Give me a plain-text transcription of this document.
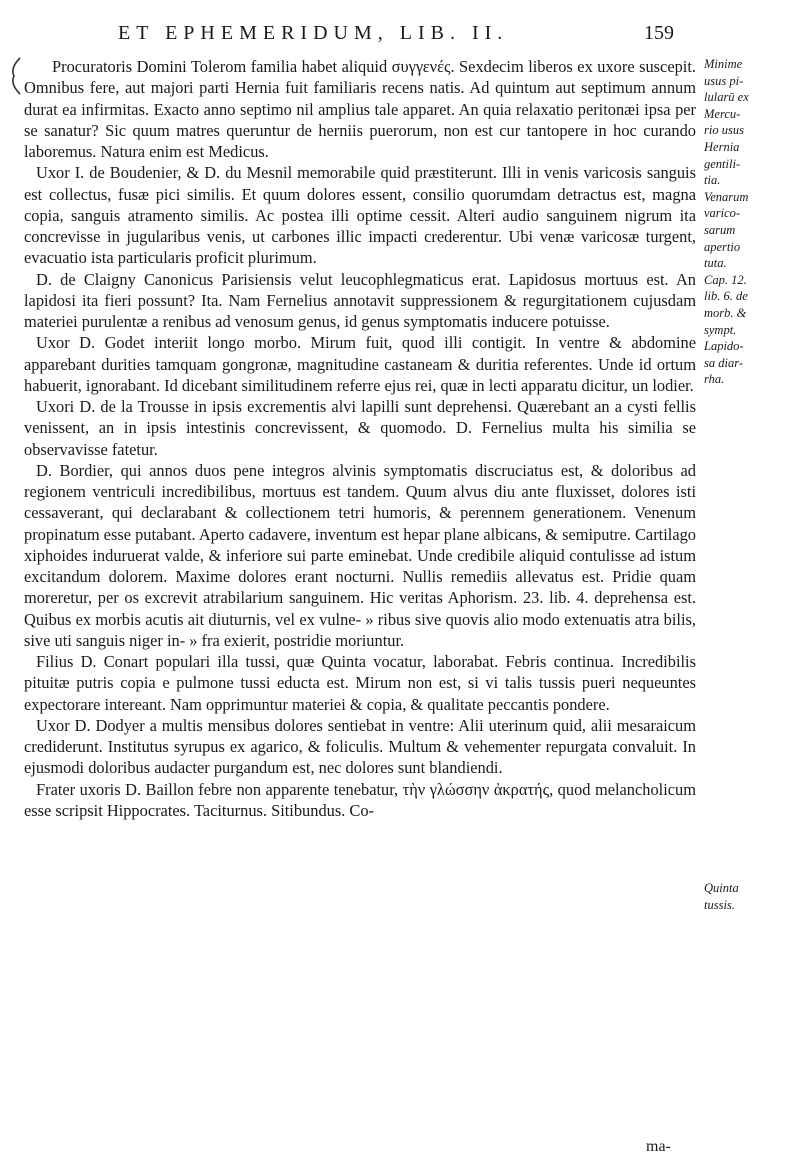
ET EPHEMERIDUM, LIB. II.	159

Procuratoris Domini Tolerom familia habet aliquid συγγενές. Sexdecim liberos ex uxore suscepit. Omnibus fere, aut majori parti Hernia fuit familiaris recens natis. Ad quintum aut septimum annum durat ea infirmitas. Exacto anno septimo nil amplius tale apparet. An quia relaxatio peritonæi ipsa per se sanatur? Sic quum matres queruntur de herniis puerorum, non est cur tantopere in hoc curando laboremus. Natura enim est Medicus.

Uxor I. de Boudenier, & D. du Mesnil memorabile quid præstiterunt. Illi in venis varicosis sanguis est collectus, fusæ pici similis. Et quum dolores essent, consilio quorumdam detractus est, magna copia, sanguis atramento similis. Ac postea illi optime cessit. Alteri audio sanguinem nigrum ita concrevisse in jugularibus venis, ut carbones illic impacti crederentur. Ubi venæ varicosæ turgent, evacuatio ista particularis proficit plurimum.

D. de Claigny Canonicus Parisiensis velut leucophlegmaticus erat. Lapidosus mortuus est. An lapidosi ita fieri possunt? Ita. Nam Fernelius annotavit suppressionem & regurgitationem cujusdam materiei purulentæ a renibus ad venosum genus, id genus symptomatis inducere potuisse.

Uxor D. Godet interiit longo morbo. Mirum fuit, quod illi contigit. In ventre & abdomine apparebant durities tamquam gongronæ, magnitudine castaneam & duritia referentes. Unde id ortum habuerit, ignorabant. Id dicebant similitudinem referre ejus rei, quæ in lecti apparatu dicitur, un lodier.

Uxori D. de la Trousse in ipsis excrementis alvi lapilli sunt deprehensi. Quærebant an a cysti fellis venissent, an in ipsis intestinis concrevissent, & quomodo. D. Fernelius multa his similia se observavisse fatetur.

D. Bordier, qui annos duos pene integros alvinis symptomatis discruciatus est, & doloribus ad regionem ventriculi incredibilibus, mortuus est tandem. Quum alvus diu ante fluxisset, dolores isti cessaverant, qui declarabant & collectionem tetri humoris, & perennem generationem. Venenum propinatum esse putabant. Aperto cadavere, inventum est hepar plane albicans, & semiputre. Cartilago xiphoides induruerat valde, & inferiore sui parte eminebat. Unde credibile aliquid contulisse ad istum excitandum dolorem. Maxime dolores erant nocturni. Nullis remediis allevatus est. Pridie quam moreretur, per os excrevit atrabilarium sanguinem. Hic veritas Aphorism. 23. lib. 4. deprehensa est. Quibus ex morbis acutis ait diuturnis, vel ex vulne- » ribus sive quovis alio modo extenuatis atra bilis, sive uti sanguis niger in- » fra exierit, postridie moriuntur.

Filius D. Conart populari illa tussi, quæ Quinta vocatur, laborabat. Febris continua. Incredibilis pituitæ putris copia e pulmone tussi educta est. Mirum non est, si vi talis tussis pueri nequeuntes expectorare intereant. Nam opprimuntur materiei & copia, & qualitate peccantis pondere.

Uxor D. Dodyer a multis mensibus dolores sentiebat in ventre: Alii uterinum quid, alii mesaraicum crediderunt. Institutus syrupus ex agarico, & foliculis. Multum & vehementer repurgata convaluit. In ejusmodi doloribus audacter purgandum est, nec dolores sunt blandiendi.

Frater uxoris D. Baillon febre non apparente tenebatur, τὴν γλώσσην ἀκρατής, quod melancholicum esse scripsit Hippocrates. Taciturnus. Sitibundus. Co-

ma-
Minime
usus pi-
lularū ex
Mercu-
rio usus
Hernia
gentili-
tia.
Venarum
varico-
sarum
apertio
tuta.
Cap. 12.
lib. 6. de
morb. &
sympt.
Lapido-
sa diar-
rha.
Quinta
tussis.
